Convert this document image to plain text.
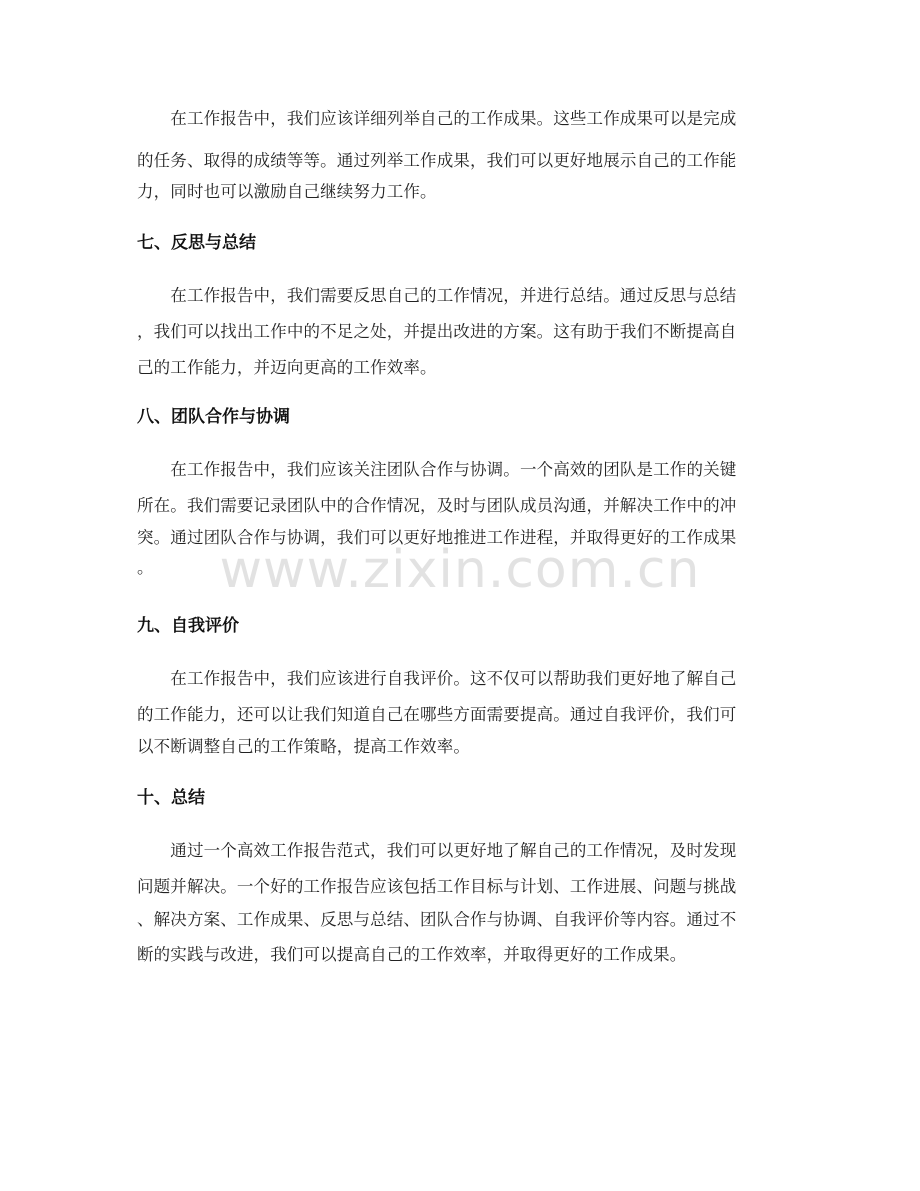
　　在工作报告中，我们应该详细列举自己的工作成果。这些工作成果可以是完成
的任务、取得的成绩等等。通过列举工作成果，我们可以更好地展示自己的工作能
力，同时也可以激励自己继续努力工作。
七、反思与总结
　　在工作报告中，我们需要反思自己的工作情况，并进行总结。通过反思与总结
，我们可以找出工作中的不足之处，并提出改进的方案。这有助于我们不断提高自
己的工作能力，并迈向更高的工作效率。
八、团队合作与协调
　　在工作报告中，我们应该关注团队合作与协调。一个高效的团队是工作的关键
所在。我们需要记录团队中的合作情况，及时与团队成员沟通，并解决工作中的冲
突。通过团队合作与协调，我们可以更好地推进工作进程，并取得更好的工作成果
。
九、自我评价
　　在工作报告中，我们应该进行自我评价。这不仅可以帮助我们更好地了解自己
的工作能力，还可以让我们知道自己在哪些方面需要提高。通过自我评价，我们可
以不断调整自己的工作策略，提高工作效率。
十、总结
　　通过一个高效工作报告范式，我们可以更好地了解自己的工作情况，及时发现
问题并解决。一个好的工作报告应该包括工作目标与计划、工作进展、问题与挑战
、解决方案、工作成果、反思与总结、团队合作与协调、自我评价等内容。通过不
断的实践与改进，我们可以提高自己的工作效率，并取得更好的工作成果。
www.zixin.com.cn
